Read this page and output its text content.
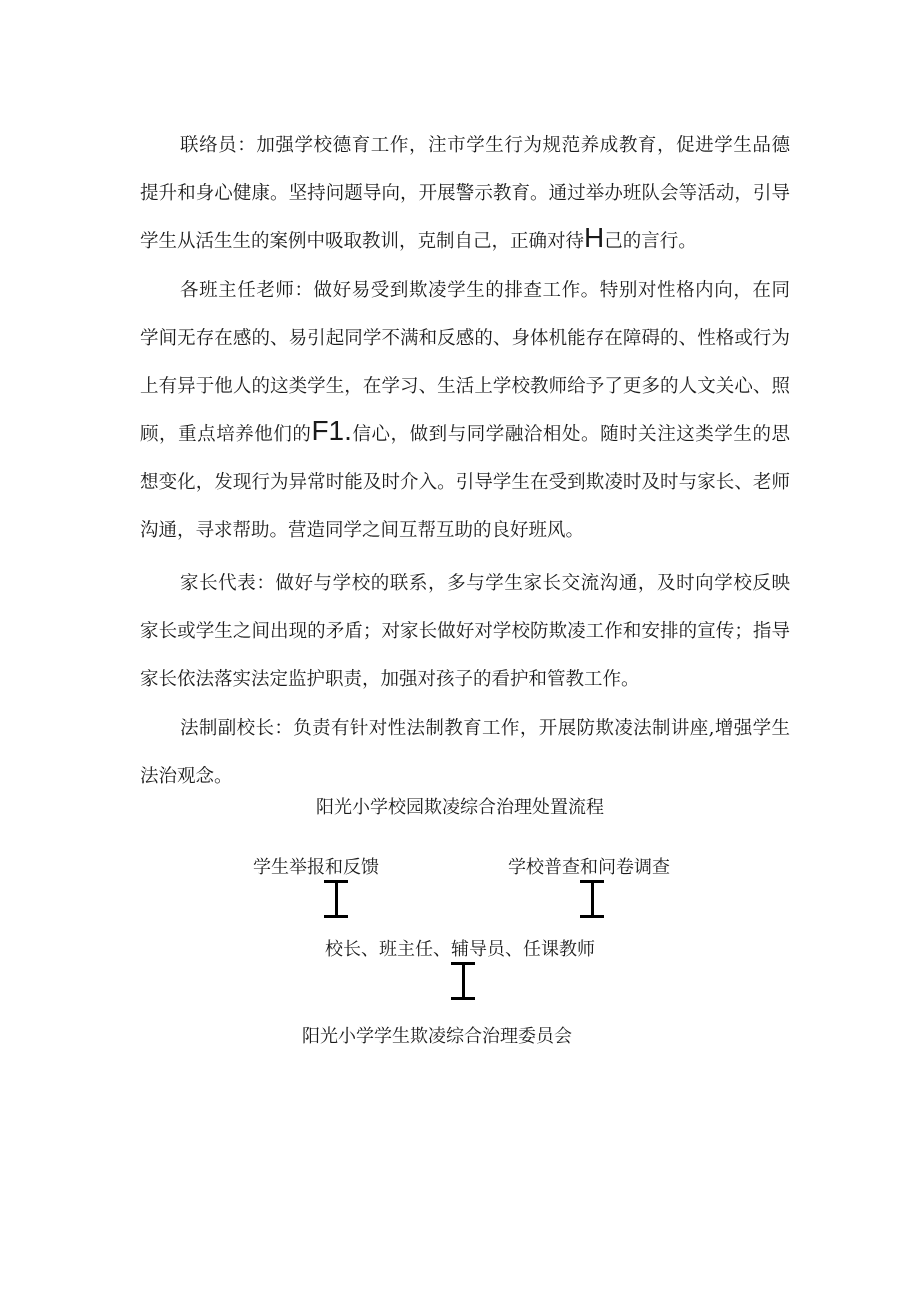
联络员：加强学校德育工作，注市学生行为规范养成教育，促进学生品德提升和身心健康。坚持问题导向，开展警示教育。通过举办班队会等活动，引导学生从活生生的案例中吸取教训，克制自己，正确对待H己的言行。

各班主任老师：做好易受到欺凌学生的排查工作。特别对性格内向，在同学间无存在感的、易引起同学不满和反感的、身体机能存在障碍的、性格或行为上有异于他人的这类学生，在学习、生活上学校教师给予了更多的人文关心、照顾，重点培养他们的F1.信心，做到与同学融洽相处。随时关注这类学生的思想变化，发现行为异常时能及时介入。引导学生在受到欺凌时及时与家长、老师沟通，寻求帮助。营造同学之间互帮互助的良好班风。

家长代表：做好与学校的联系，多与学生家长交流沟通，及时向学校反映家长或学生之间出现的矛盾；对家长做好对学校防欺凌工作和安排的宣传；指导家长依法落实法定监护职责，加强对孩子的看护和管教工作。

法制副校长：负责有针对性法制教育工作，开展防欺凌法制讲座,增强学生法治观念。

阳光小学校园欺凌综合治理处置流程

学生举报和反馈	学校普查和问卷调查

校长、班主任、辅导员、任课教师

阳光小学学生欺凌综合治理委员会
